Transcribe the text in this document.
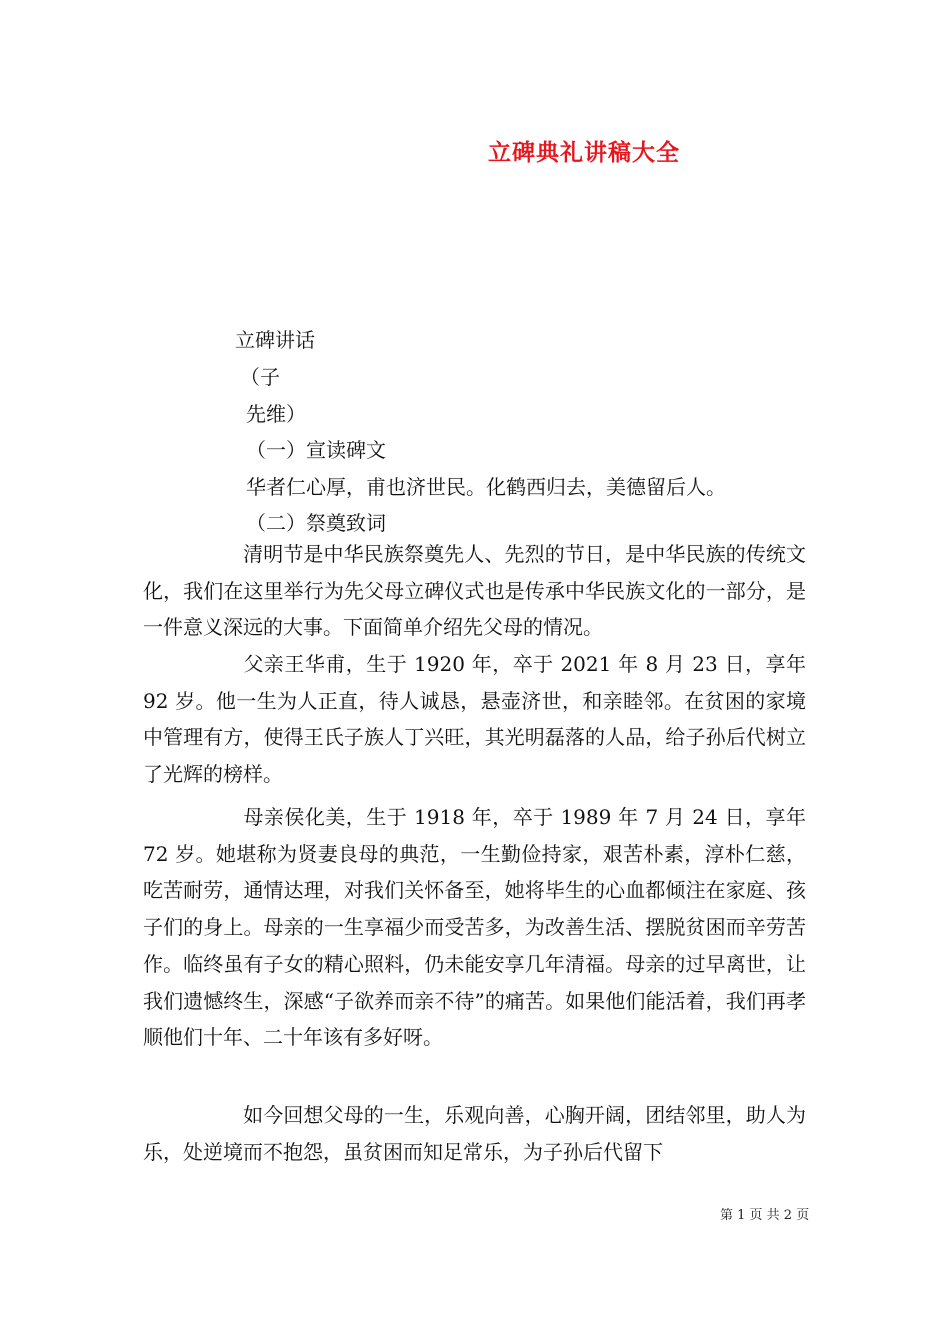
立碑典礼讲稿大全
立碑讲话
（子
先维）
（一）宣读碑文
华者仁心厚，甫也济世民。化鹤西归去，美德留后人。
（二）祭奠致词

清明节是中华民族祭奠先人、先烈的节日，是中华民族的传统文化，我们在这里举行为先父母立碑仪式也是传承中华民族文化的一部分，是一件意义深远的大事。下面简单介绍先父母的情况。

父亲王华甫，生于 1920 年，卒于 2021 年 8 月 23 日，享年 92 岁。他一生为人正直，待人诚恳，悬壶济世，和亲睦邻。在贫困的家境中管理有方，使得王氏子族人丁兴旺，其光明磊落的人品，给子孙后代树立了光辉的榜样。

母亲侯化美，生于 1918 年，卒于 1989 年 7 月 24 日，享年 72 岁。她堪称为贤妻良母的典范，一生勤俭持家，艰苦朴素，淳朴仁慈，吃苦耐劳，通情达理，对我们关怀备至，她将毕生的心血都倾注在家庭、孩子们的身上。母亲的一生享福少而受苦多，为改善生活、摆脱贫困而辛劳苦作。临终虽有子女的精心照料，仍未能安享几年清福。母亲的过早离世，让我们遗憾终生，深感“子欲养而亲不待”的痛苦。如果他们能活着，我们再孝顺他们十年、二十年该有多好呀。

如今回想父母的一生，乐观向善，心胸开阔，团结邻里，助人为乐，处逆境而不抱怨，虽贫困而知足常乐，为子孙后代留下

第 1 页 共 2 页
